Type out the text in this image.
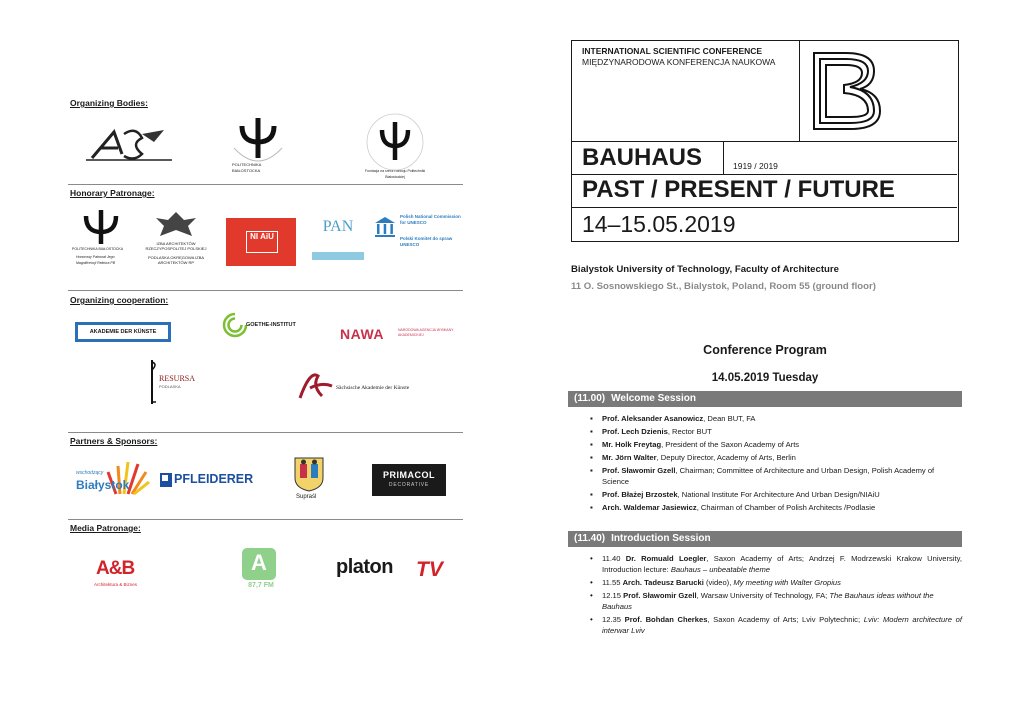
Organizing Bodies:
POLITECHNIKA BIAŁOSTOCKA	Fundacja na rzecz rozwoju Politechniki Białostockiej
Honorary Patronage:
POLITECHNIKA BIAŁOSTOCKA
Honorowy Patronat Jego Magnificencji Rektora PB
IZBA ARCHITEKTÓW RZECZYPOSPOLITEJ POLSKIEJ
PODLASKA OKRĘGOWA IZBA ARCHITEKTÓW RP
NI AiU
PAN
Polish National Commission for UNESCO
Polski Komitet do spraw UNESCO
Organizing cooperation:
AKADEMIE DER KÜNSTE
GOETHE-INSTITUT
NAWA	NARODOWA AGENCJA WYMIANY AKADEMICKIEJ
RESURSA
PODLASKA	Sächsische Akademie der Künste
Partners & Sponsors:
wschodzący
Białystok	PFLEIDERER
Supraśl
PRIMACOL
DECORATIVE
Media Patronage:
A&B
Architektura & Biznes
A
87,7 FM
platon TV
INTERNATIONAL SCIENTIFIC CONFERENCE
MIĘDZYNARODOWA KONFERENCJA NAUKOWA
BAUHAUS	1919 / 2019
PAST / PRESENT / FUTURE
14–15.05.2019
Bialystok University of Technology, Faculty of Architecture
11 O. Sosnowskiego St., Bialystok, Poland, Room 55 (ground floor)
Conference Program
14.05.2019 Tuesday
(11.00) Welcome Session
▪ Prof. Aleksander Asanowicz, Dean BUT, FA
▪ Prof. Lech Dzienis, Rector BUT
▪ Mr. Holk Freytag, President of the Saxon Academy of Arts
▪ Mr. Jörn Walter, Deputy Director, Academy of Arts, Berlin
▪ Prof. Sławomir Gzell, Chairman; Committee of Architecture and Urban Design, Polish Academy of Science
▪ Prof. Błażej Brzostek, National Institute For Architecture And Urban Design/NIAiU
▪ Arch. Waldemar Jasiewicz, Chairman of Chamber of Polish Architects /Podlasie
(11.40) Introduction Session
• 11.40 Dr. Romuald Loegler, Saxon Academy of Arts; Andrzej F. Modrzewski Krakow University, Introduction lecture: Bauhaus – unbeatable theme
• 11.55 Arch. Tadeusz Barucki (video), My meeting with Walter Gropius
• 12.15 Prof. Sławomir Gzell, Warsaw University of Technology, FA; The Bauhaus ideas without the Bauhaus
• 12.35 Prof. Bohdan Cherkes, Saxon Academy of Arts; Lviv Polytechnic; Lviv: Modern architecture of interwar Lviv
